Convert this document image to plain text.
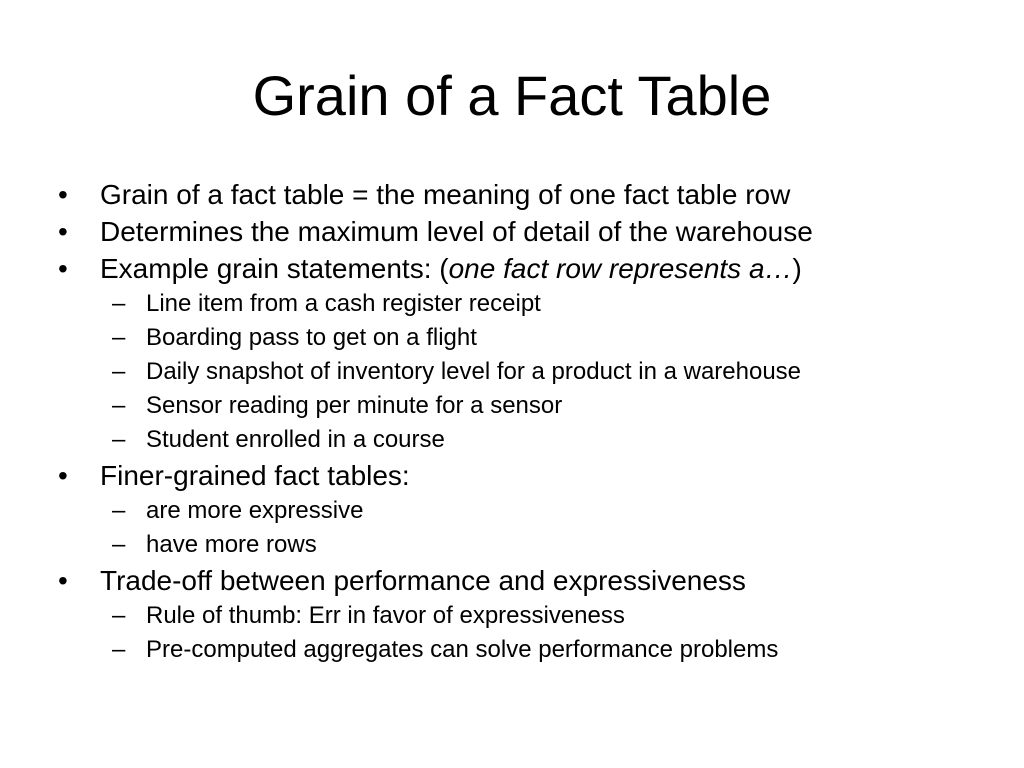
Grain of a Fact Table
• Grain of a fact table = the meaning of one fact table row
• Determines the maximum level of detail of the warehouse
• Example grain statements: (one fact row represents a…)
– Line item from a cash register receipt
– Boarding pass to get on a flight
– Daily snapshot of inventory level for a product in a warehouse
– Sensor reading per minute for a sensor
– Student enrolled in a course
• Finer-grained fact tables:
– are more expressive
– have more rows
• Trade-off between performance and expressiveness
– Rule of thumb: Err in favor of expressiveness
– Pre-computed aggregates can solve performance problems
